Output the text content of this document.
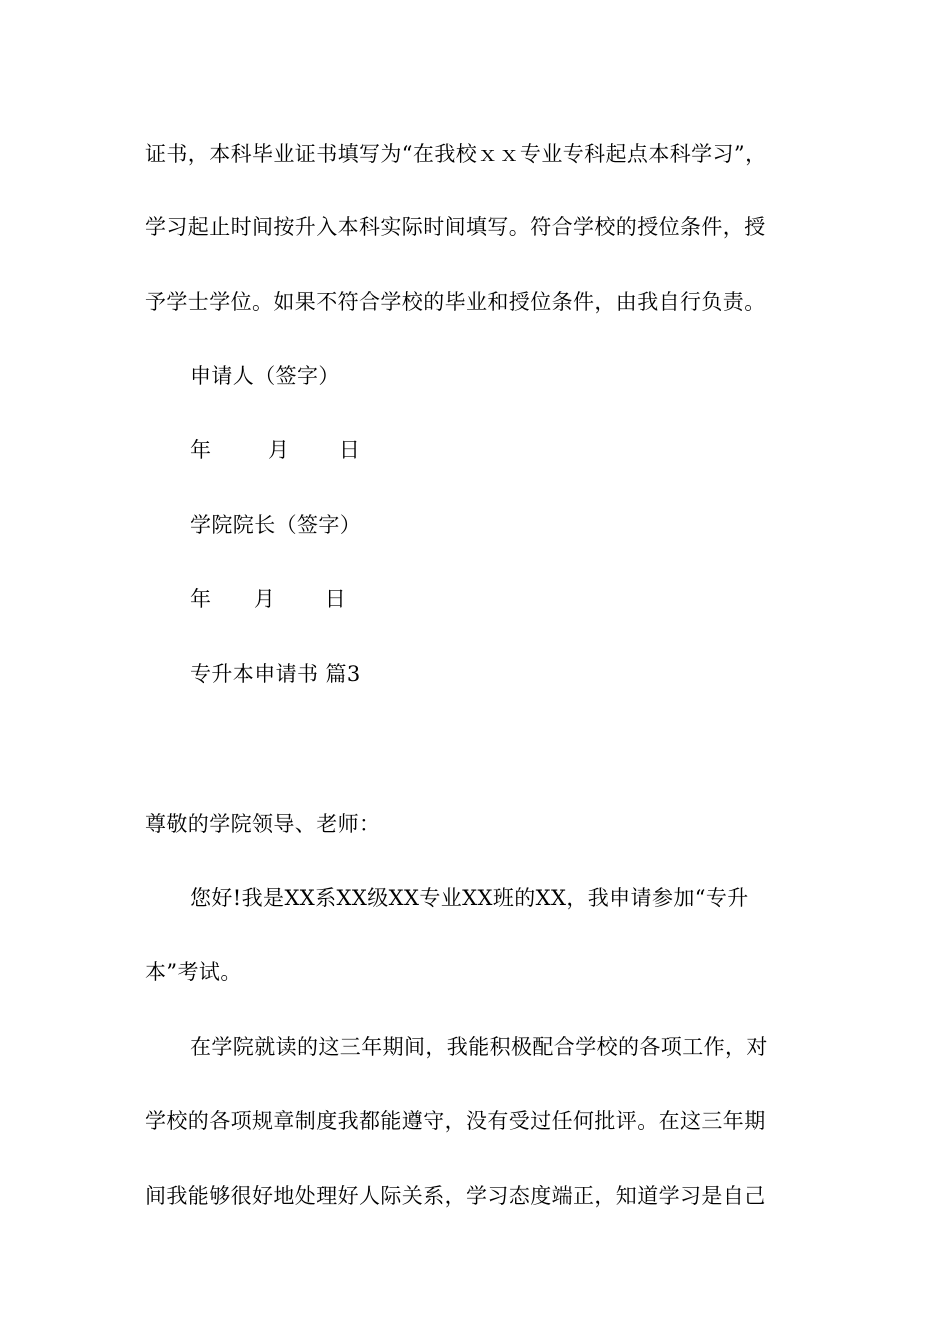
证书，本科毕业证书填写为“在我校ｘｘ专业专科起点本科学习”，
学习起止时间按升入本科实际时间填写。符合学校的授位条件，授
予学士学位。如果不符合学校的毕业和授位条件，由我自行负责。
申请人（签字）
年        月       日
学院院长（签字）
年      月       日
专升本申请书 篇3
尊敬的学院领导、老师：
您好!我是XX系XX级XX专业XX班的XX，我申请参加“专升
本”考试。
在学院就读的这三年期间，我能积极配合学校的各项工作，对
学校的各项规章制度我都能遵守，没有受过任何批评。在这三年期
间我能够很好地处理好人际关系，学习态度端正，知道学习是自己
